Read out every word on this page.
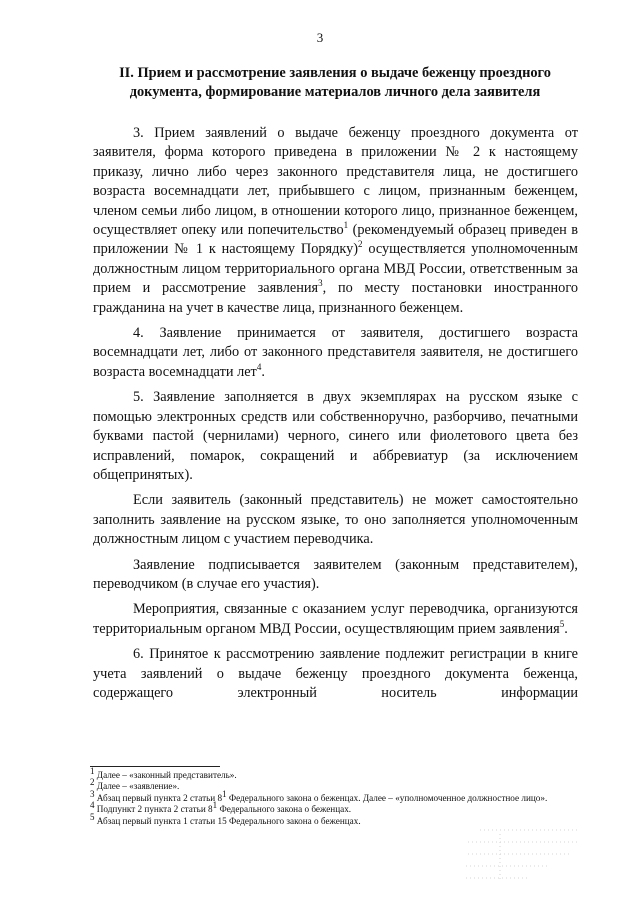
3
II. Прием и рассмотрение заявления о выдаче беженцу проездного документа, формирование материалов личного дела заявителя

3. Прием заявлений о выдаче беженцу проездного документа от заявителя, форма которого приведена в приложении № 2 к настоящему приказу, лично либо через законного представителя лица, не достигшего возраста восемнадцати лет, прибывшего с лицом, признанным беженцем, членом семьи либо лицом, в отношении которого лицо, признанное беженцем, осуществляет опеку или попечительство$^1$ (рекомендуемый образец приведен в приложении № 1 к настоящему Порядку)$^2$ осуществляется уполномоченным должностным лицом территориального органа МВД России, ответственным за прием и рассмотрение заявления$^3$, по месту постановки иностранного гражданина на учет в качестве лица, признанного беженцем.

4. Заявление принимается от заявителя, достигшего возраста восемнадцати лет, либо от законного представителя заявителя, не достигшего возраста восемнадцати лет$^4$.

5. Заявление заполняется в двух экземплярах на русском языке с помощью электронных средств или собственноручно, разборчиво, печатными буквами пастой (чернилами) черного, синего или фиолетового цвета без исправлений, помарок, сокращений и аббревиатур (за исключением общепринятых).

Если заявитель (законный представитель) не может самостоятельно заполнить заявление на русском языке, то оно заполняется уполномоченным должностным лицом с участием переводчика.

Заявление подписывается заявителем (законным представителем), переводчиком (в случае его участия).

Мероприятия, связанные с оказанием услуг переводчика, организуются территориальным органом МВД России, осуществляющим прием заявления$^5$.

6. Принятое к рассмотрению заявление подлежит регистрации в книге учета заявлений о выдаче беженцу проездного документа беженца, содержащего электронный носитель информации

$^1$ Далее – «законный представитель».
$^2$ Далее – «заявление».
$^3$ Абзац первый пункта 2 статьи $8^1$ Федерального закона о беженцах. Далее – «уполномоченное должностное лицо».
$^4$ Подпункт 2 пункта 2 статьи $8^1$ Федерального закона о беженцах.
$^5$ Абзац первый пункта 1 статьи 15 Федерального закона о беженцах.
